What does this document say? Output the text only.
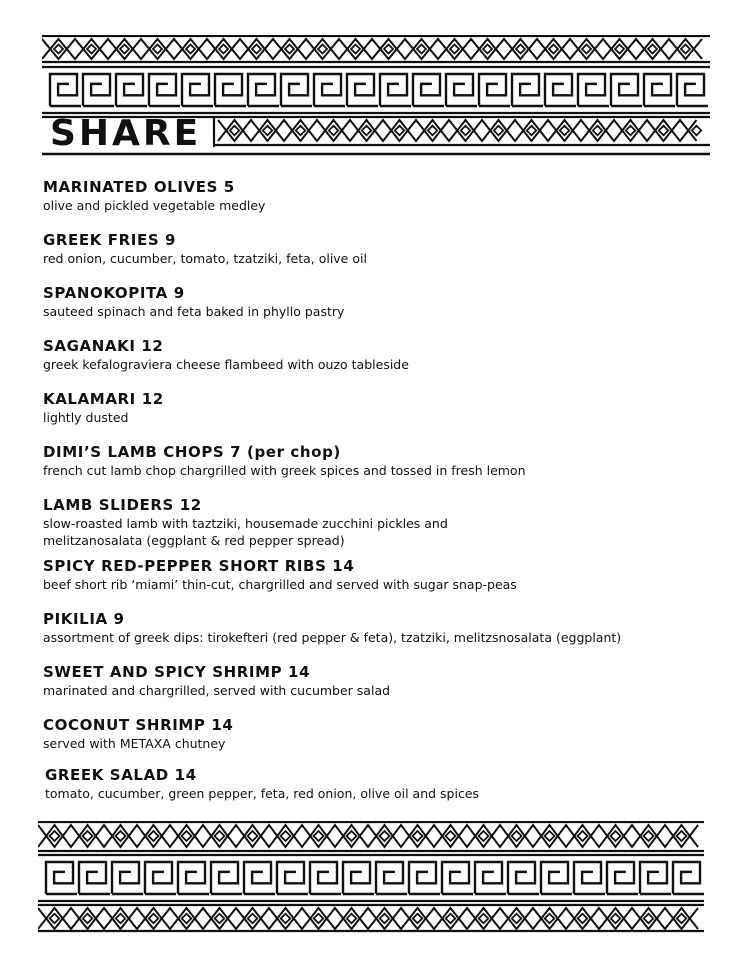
SHARE
MARINATED OLIVES 5
olive and pickled vegetable medley
GREEK FRIES 9
red onion, cucumber, tomato, tzatziki, feta, olive oil
SPANOKOPITA 9
sauteed spinach and feta baked in phyllo pastry
SAGANAKI 12
greek kefalograviera cheese flambeed with ouzo tableside
KALAMARI 12
lightly dusted
DIMI’S LAMB CHOPS 7 (per chop)
french cut lamb chop chargrilled with greek spices and tossed in fresh lemon
LAMB SLIDERS 12
slow-roasted lamb with taztziki, housemade zucchini pickles and
melitzanosalata (eggplant & red pepper spread)
SPICY RED-PEPPER SHORT RIBS 14
beef short rib ‘miami’ thin-cut, chargrilled and served with sugar snap-peas
PIKILIA 9
assortment of greek dips: tirokefteri (red pepper & feta), tzatziki, melitzsnosalata (eggplant)
SWEET AND SPICY SHRIMP 14
marinated and chargrilled, served with cucumber salad
COCONUT SHRIMP 14
served with METAXA chutney
GREEK SALAD 14
tomato, cucumber, green pepper, feta, red onion, olive oil and spices
